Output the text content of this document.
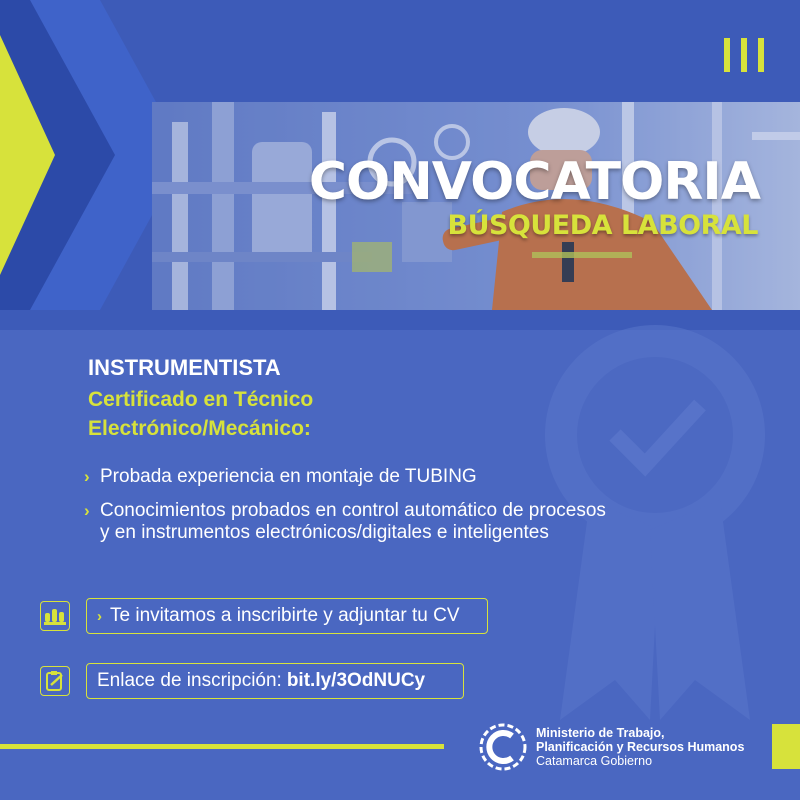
CONVOCATORIA
BÚSQUEDA LABORAL
INSTRUMENTISTA

Certificado en Técnico
Electrónico/Mecánico:

› Probada experiencia en montaje de TUBING
› Conocimientos probados en control automático de procesos
y en instrumentos electrónicos/digitales e inteligentes
› Te invitamos a inscribirte y adjuntar tu CV
Enlace de inscripción: bit.ly/3OdNUCy
Ministerio de Trabajo,
Planificación y Recursos Humanos
Catamarca Gobierno
